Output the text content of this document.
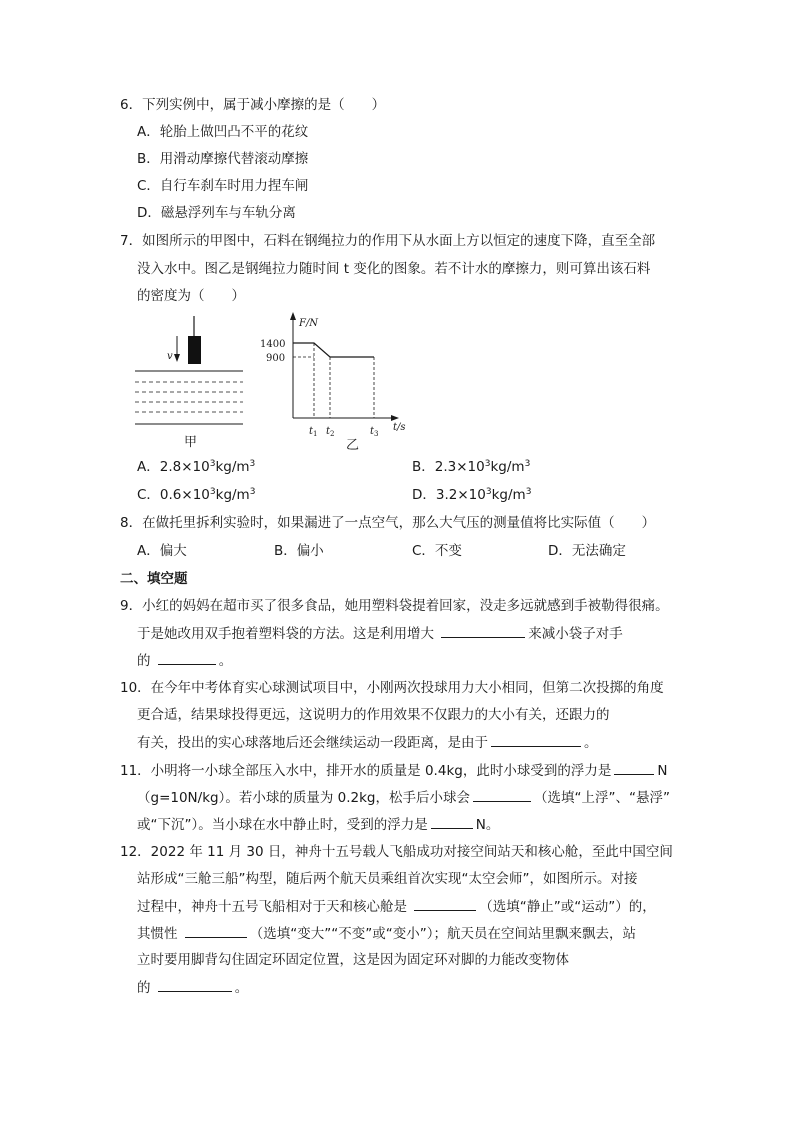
6．下列实例中，属于减小摩擦的是（　　）
A．轮胎上做凹凸不平的花纹
B．用滑动摩擦代替滚动摩擦
C．自行车刹车时用力捏车闸
D．磁悬浮列车与车轨分离
7．如图所示的甲图中，石料在钢绳拉力的作用下从水面上方以恒定的速度下降，直至全部
没入水中。图乙是钢绳拉力随时间 t 变化的图象。若不计水的摩擦力，则可算出该石料
的密度为（　　）
v
甲
F/N
t/s
1400
900
$t_1$ $t_2$	$t_3$
乙
A．$2.8\times 10^3kg/m^3$	B．$2.3\times 10^3kg/m^3$
C．$0.6\times 10^3kg/m^3$	D．$3.2\times 10^3kg/m^3$
8．在做托里拆利实验时，如果漏进了一点空气，那么大气压的测量值将比实际值（　　）
A．偏大	B．偏小	C．不变	D．无法确定
二、填空题
9．小红的妈妈在超市买了很多食品，她用塑料袋提着回家，没走多远就感到手被勒得很痛。
于是她改用双手抱着塑料袋的方法。这是利用增大	来减小袋子对手
的	。
10．在今年中考体育实心球测试项目中，小刚两次投球用力大小相同，但第二次投掷的角度
更合适，结果球投得更远，这说明力的作用效果不仅跟力的大小有关，还跟力的
有关，投出的实心球落地后还会继续运动一段距离，是由于	。
11．小明将一小球全部压入水中，排开水的质量是 0.4kg，此时小球受到的浮力是	N
（g=10N/kg）。若小球的质量为 0.2kg，松手后小球会	（选填“上浮”、“悬浮”
或“下沉”）。当小球在水中静止时，受到的浮力是	N。
12．2022 年 11 月 30 日，神舟十五号载人飞船成功对接空间站天和核心舱，至此中国空间
站形成“三舱三船”构型，随后两个航天员乘组首次实现“太空会师”，如图所示。对接
过程中，神舟十五号飞船相对于天和核心舱是	（选填“静止”或“运动”）的，
其惯性	（选填“变大”“不变”或“变小”）；航天员在空间站里飘来飘去，站
立时要用脚背勾住固定环固定位置，这是因为固定环对脚的力能改变物体
的	。
